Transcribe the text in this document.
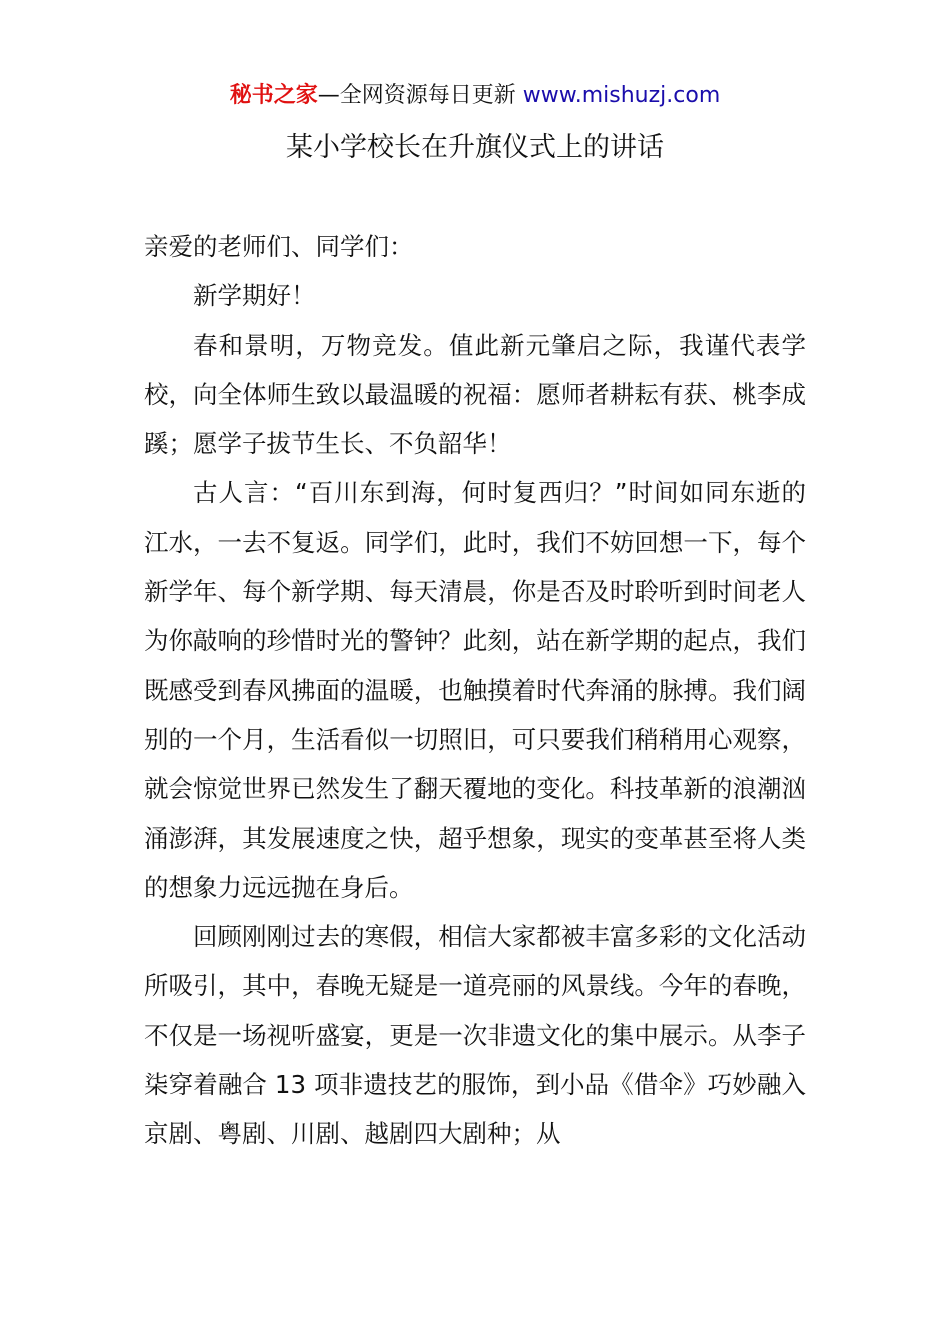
秘书之家—全网资源每日更新 www.mishuzj.com
某小学校长在升旗仪式上的讲话

亲爱的老师们、同学们：

新学期好！

春和景明，万物竞发。值此新元肇启之际，我谨代表学校，向全体师生致以最温暖的祝福：愿师者耕耘有获、桃李成蹊；愿学子拔节生长、不负韶华！

古人言：“百川东到海，何时复西归？”时间如同东逝的江水，一去不复返。同学们，此时，我们不妨回想一下，每个新学年、每个新学期、每天清晨，你是否及时聆听到时间老人为你敲响的珍惜时光的警钟？此刻，站在新学期的起点，我们既感受到春风拂面的温暖，也触摸着时代奔涌的脉搏。我们阔别的一个月，生活看似一切照旧，可只要我们稍稍用心观察，就会惊觉世界已然发生了翻天覆地的变化。科技革新的浪潮汹涌澎湃，其发展速度之快，超乎想象，现实的变革甚至将人类的想象力远远抛在身后。

回顾刚刚过去的寒假，相信大家都被丰富多彩的文化活动所吸引，其中，春晚无疑是一道亮丽的风景线。今年的春晚，不仅是一场视听盛宴，更是一次非遗文化的集中展示。从李子柒穿着融合 13 项非遗技艺的服饰，到小品《借伞》巧妙融入京剧、粤剧、川剧、越剧四大剧种；从
